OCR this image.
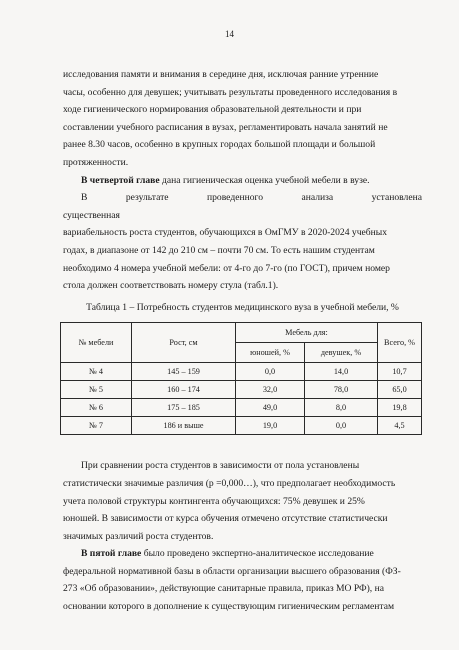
14
исследования памяти и внимания в середине дня, исключая ранние утренние
часы, особенно для девушек; учитывать результаты проведенного исследования в
ходе гигиенического нормирования образовательной деятельности и при
составлении учебного расписания в вузах, регламентировать начала занятий не
ранее 8.30 часов, особенно в крупных городах большой площади и большой
протяженности.
В четвертой главе дана гигиеническая оценка учебной мебели в вузе.
В результате проведенного анализа установлена существенная
вариабельность роста студентов, обучающихся в ОмГМУ в 2020-2024 учебных
годах, в диапазоне от 142 до 210 см – почти 70 см. То есть нашим студентам
необходимо 4 номера учебной мебели: от 4-го до 7-го (по ГОСТ), причем номер
стола должен соответствовать номеру стула (табл.1).
Таблица 1 – Потребность студентов медицинского вуза в учебной мебели, %
№ мебели	Рост, см	Мебель для:		Всего, %
		юношей, %	девушек, %	
№ 4	145 – 159	0,0	14,0	10,7
№ 5	160 – 174	32,0	78,0	65,0
№ 6	175 – 185	49,0	8,0	19,8
№ 7	186 и выше	19,0	0,0	4,5
При сравнении роста студентов в зависимости от пола установлены
статистически значимые различия (p =0,000…), что предполагает необходимость
учета половой структуры контингента обучающихся: 75% девушек и 25%
юношей. В зависимости от курса обучения отмечено отсутствие статистически
значимых различий роста студентов.
В пятой главе было проведено экспертно-аналитическое исследование
федеральной нормативной базы в области организации высшего образования (ФЗ-
273 «Об образовании», действующие санитарные правила, приказ МО РФ), на
основании которого в дополнение к существующим гигиеническим регламентам
